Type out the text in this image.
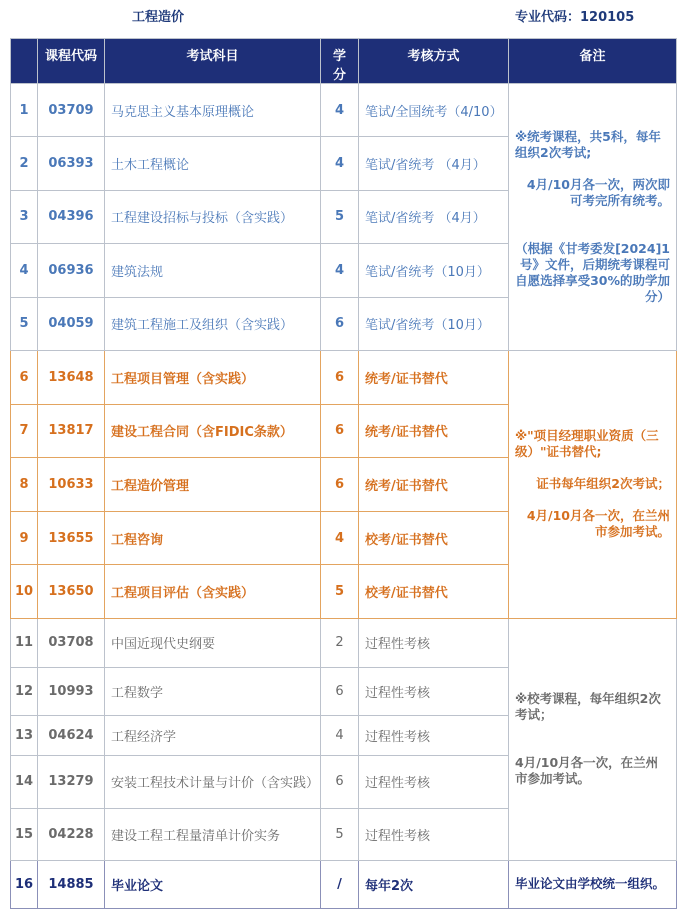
工程造价	专业代码：120105
	课程代码	考试科目	学分	考核方式	备注
1	03709	马克思主义基本原理概论	4	笔试/全国统考（4/10）	※统考课程，共5科，每年组织2次考试;

4月/10月各一次，两次即可考完所有统考。

（根据《甘考委发[2024]1号》文件，后期统考课程可自愿选择享受30%的助学加分）

2	06393	土木工程概论	4	笔试/省统考 （4月）	
3	04396	工程建设招标与投标（含实践）	5	笔试/省统考 （4月）	
4	06936	建筑法规	4	笔试/省统考（10月）	
5	04059	建筑工程施工及组织（含实践）	6	笔试/省统考（10月）	
6	13648	工程项目管理（含实践）	6	统考/证书替代	※"项目经理职业资质（三级）"证书替代;

证书每年组织2次考试；

4月/10月各一次，在兰州市参加考试。

7	13817	建设工程合同（含FIDIC条款）	6	统考/证书替代	
8	10633	工程造价管理	6	统考/证书替代	
9	13655	工程咨询	4	校考/证书替代	
10	13650	工程项目评估（含实践）	5	校考/证书替代	
11	03708	中国近现代史纲要	2	过程性考核	※校考课程，每年组织2次考试；

4月/10月各一次，在兰州市参加考试。

12	10993	工程数学	6	过程性考核	
13	04624	工程经济学	4	过程性考核	
14	13279	安装工程技术计量与计价（含实践）	6	过程性考核	
15	04228	建设工程工程量清单计价实务	5	过程性考核	
16	14885	毕业论文	/	每年2次	毕业论文由学校统一组织。
